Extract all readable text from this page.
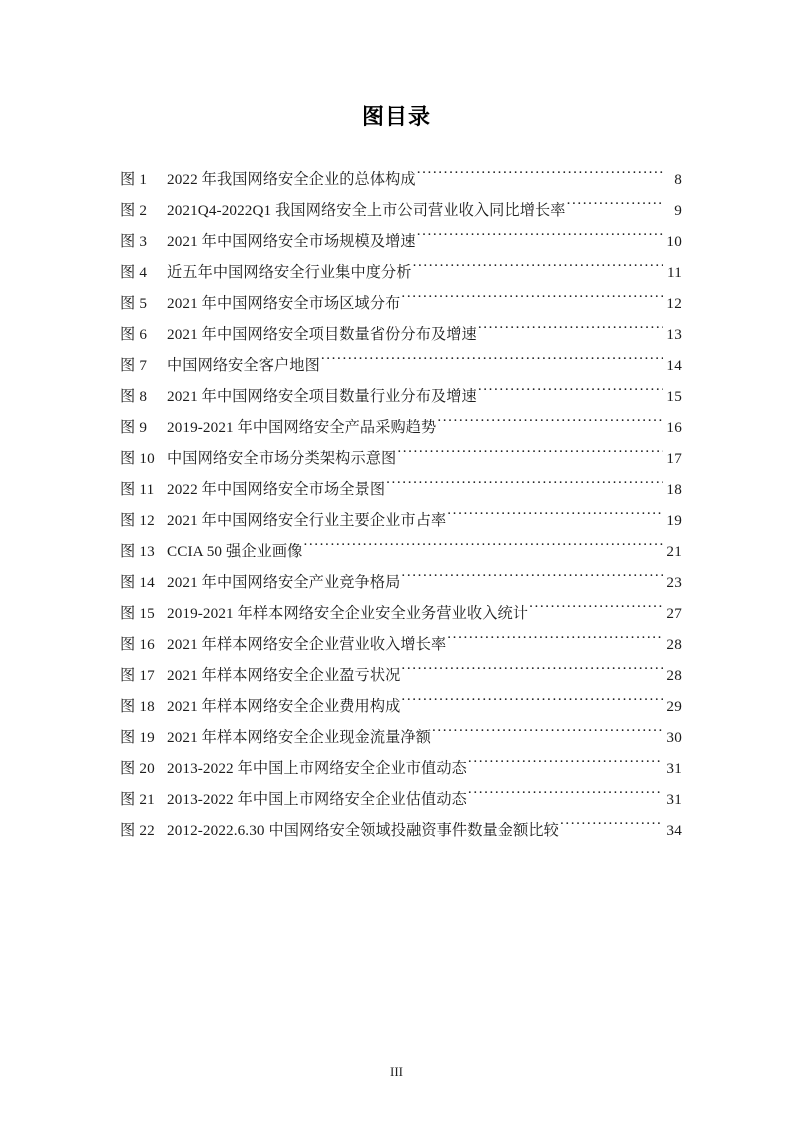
图目录
图 1	2022 年我国网络安全企业的总体构成 . . .	8
图 2	2021Q4-2022Q1 我国网络安全上市公司营业收入同比增长率 . . .	9
图 3	2021 年中国网络安全市场规模及增速 . . .	10
图 4	近五年中国网络安全行业集中度分析 . . .	11
图 5	2021 年中国网络安全市场区域分布 . . .	12
图 6	2021 年中国网络安全项目数量省份分布及增速 . . .	13
图 7	中国网络安全客户地图 . . .	14
图 8	2021 年中国网络安全项目数量行业分布及增速 . . .	15
图 9	2019-2021 年中国网络安全产品采购趋势 . . .	16
图 10 中国网络安全市场分类架构示意图 . . .	17
图 11 2022 年中国网络安全市场全景图 . . .	18
图 12 2021 年中国网络安全行业主要企业市占率 . . .	19
图 13 CCIA 50 强企业画像 . . .	21
图 14 2021 年中国网络安全产业竞争格局 . . .	23
图 15 2019-2021 年样本网络安全企业安全业务营业收入统计 . . .	27
图 16 2021 年样本网络安全企业营业收入增长率 . . .	28
图 17 2021 年样本网络安全企业盈亏状况 . . .	28
图 18 2021 年样本网络安全企业费用构成 . . .	29
图 19 2021 年样本网络安全企业现金流量净额 . . .	30
图 20 2013-2022 年中国上市网络安全企业市值动态 . . .	31
图 21 2013-2022 年中国上市网络安全企业估值动态 . . .	31
图 22 2012-2022.6.30 中国网络安全领域投融资事件数量金额比较 . . .	34
III
